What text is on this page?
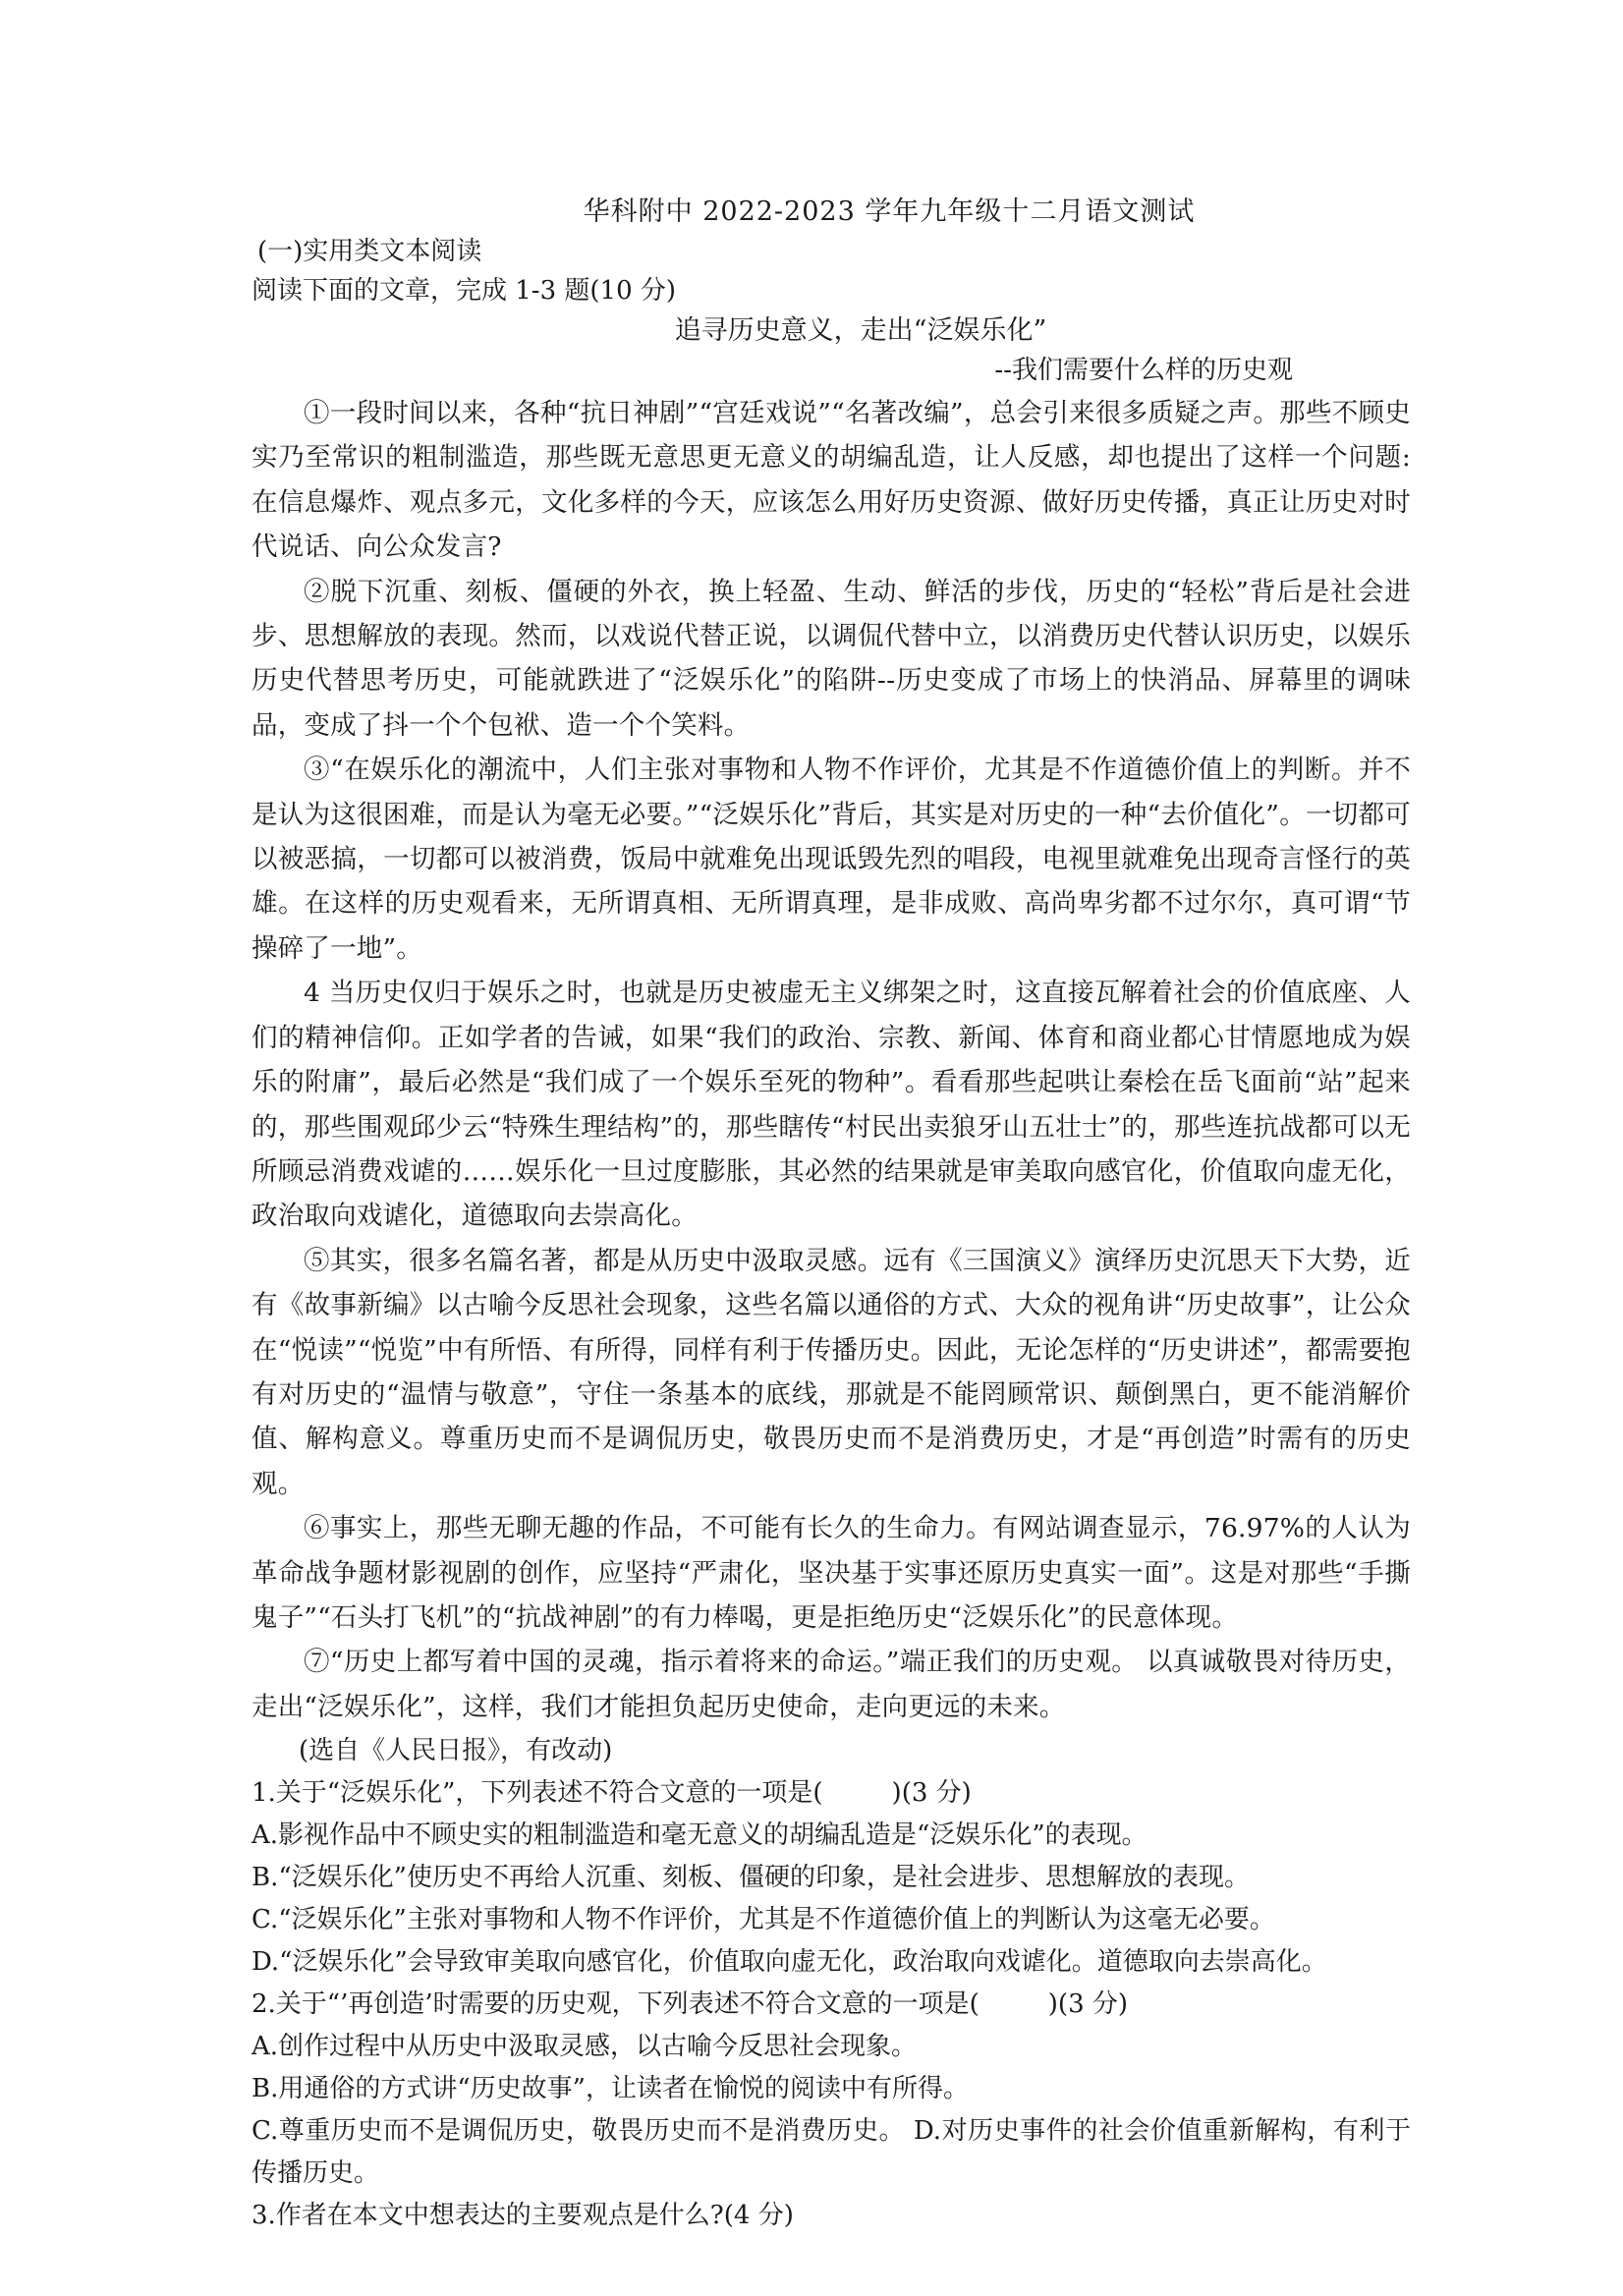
华科附中 2022-2023 学年九年级十二月语文测试
(一)实用类文本阅读
阅读下面的文章，完成 1-3 题(10 分)
追寻历史意义，走出“泛娱乐化”
--我们需要什么样的历史观

①一段时间以来，各种“抗日神剧”“宫廷戏说”“名著改编”，总会引来很多质疑之声。那些不顾史实乃至常识的粗制滥造，那些既无意思更无意义的胡编乱造，让人反感，却也提出了这样一个问题:在信息爆炸、观点多元，文化多样的今天，应该怎么用好历史资源、做好历史传播，真正让历史对时代说话、向公众发言?

②脱下沉重、刻板、僵硬的外衣，换上轻盈、生动、鲜活的步伐，历史的“轻松”背后是社会进步、思想解放的表现。然而，以戏说代替正说，以调侃代替中立，以消费历史代替认识历史，以娱乐历史代替思考历史，可能就跌进了“泛娱乐化”的陷阱--历史变成了市场上的快消品、屏幕里的调味品，变成了抖一个个包袱、造一个个笑料。

③“在娱乐化的潮流中，人们主张对事物和人物不作评价，尤其是不作道德价值上的判断。并不是认为这很困难，而是认为毫无必要。”“泛娱乐化”背后，其实是对历史的一种“去价值化”。一切都可以被恶搞，一切都可以被消费，饭局中就难免出现诋毁先烈的唱段，电视里就难免出现奇言怪行的英雄。在这样的历史观看来，无所谓真相、无所谓真理，是非成败、高尚卑劣都不过尔尔，真可谓“节操碎了一地”。

4 当历史仅归于娱乐之时，也就是历史被虚无主义绑架之时，这直接瓦解着社会的价值底座、人们的精神信仰。正如学者的告诫，如果“我们的政治、宗教、新闻、体育和商业都心甘情愿地成为娱乐的附庸”，最后必然是“我们成了一个娱乐至死的物种”。看看那些起哄让秦桧在岳飞面前“站”起来的，那些围观邱少云“特殊生理结构”的，那些瞎传“村民出卖狼牙山五壮士”的，那些连抗战都可以无所顾忌消费戏谑的……娱乐化一旦过度膨胀，其必然的结果就是审美取向感官化，价值取向虚无化，政治取向戏谑化，道德取向去崇高化。

⑤其实，很多名篇名著，都是从历史中汲取灵感。远有《三国演义》演绎历史沉思天下大势，近有《故事新编》以古喻今反思社会现象，这些名篇以通俗的方式、大众的视角讲“历史故事”，让公众在“悦读”“悦览”中有所悟、有所得，同样有利于传播历史。因此，无论怎样的“历史讲述”，都需要抱有对历史的“温情与敬意”，守住一条基本的底线，那就是不能罔顾常识、颠倒黑白，更不能消解价值、解构意义。尊重历史而不是调侃历史，敬畏历史而不是消费历史，才是“再创造”时需有的历史观。

⑥事实上，那些无聊无趣的作品，不可能有长久的生命力。有网站调查显示，76.97%的人认为革命战争题材影视剧的创作，应坚持“严肃化，坚决基于实事还原历史真实一面”。这是对那些“手撕鬼子”“石头打飞机”的“抗战神剧”的有力棒喝，更是拒绝历史“泛娱乐化”的民意体现。

⑦“历史上都写着中国的灵魂，指示着将来的命运。”端正我们的历史观。 以真诚敬畏对待历史，走出“泛娱乐化”，这样，我们才能担负起历史使命，走向更远的未来。

(选自《人民日报》，有改动)

1.关于“泛娱乐化”，下列表述不符合文意的一项是(	)(3 分)

A.影视作品中不顾史实的粗制滥造和毫无意义的胡编乱造是“泛娱乐化”的表现。

B.“泛娱乐化”使历史不再给人沉重、刻板、僵硬的印象，是社会进步、思想解放的表现。

C.“泛娱乐化”主张对事物和人物不作评价，尤其是不作道德价值上的判断认为这毫无必要。

D.“泛娱乐化”会导致审美取向感官化，价值取向虚无化，政治取向戏谑化。道德取向去崇高化。

2.关于“’再创造’时需要的历史观，下列表述不符合文意的一项是(	)(3 分)

A.创作过程中从历史中汲取灵感，以古喻今反思社会现象。

B.用通俗的方式讲“历史故事”，让读者在愉悦的阅读中有所得。

C.尊重历史而不是调侃历史，敬畏历史而不是消费历史。 D.对历史事件的社会价值重新解构，有利于传播历史。

3.作者在本文中想表达的主要观点是什么?(4 分)
